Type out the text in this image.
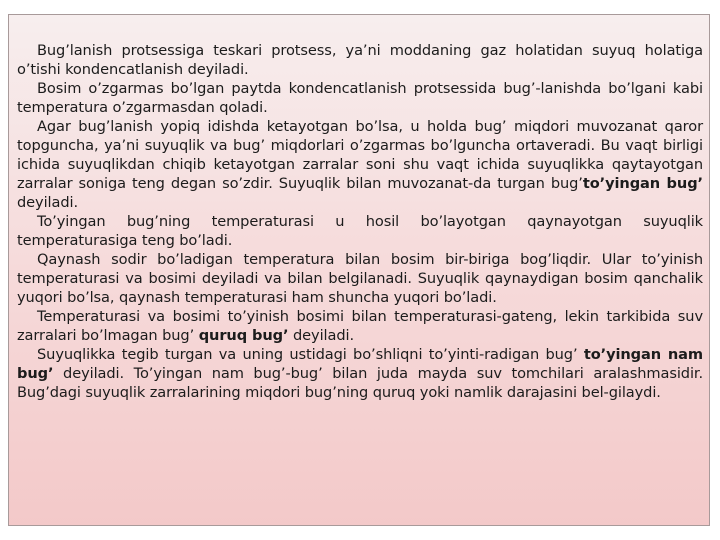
Bug’lanish protsessiga teskari protsess, ya’ni moddaning gaz holatidan suyuq holatiga o’tishi kondencatlanish deyiladi.

Bosim o’zgarmas bo’lgan paytda kondencatlanish protsessida bug’-lanishda bo’lgani kabi temperatura o’zgarmasdan qoladi.

Agar bug’lanish yopiq idishda ketayotgan bo’lsa, u holda bug’ miqdori muvozanat qaror topguncha, ya’ni suyuqlik va bug’ miqdorlari o’zgarmas bo’lguncha ortaveradi. Bu vaqt birligi ichida suyuqlikdan chiqib ketayotgan zarralar soni shu vaqt ichida suyuqlikka qaytayotgan zarralar soniga teng degan so’zdir. Suyuqlik bilan muvozanat-da turgan bug’to’yingan bug’ deyiladi.

To’yingan bug’ning temperaturasi u hosil bo’layotgan qaynayotgan suyuqlik temperaturasiga teng bo’ladi.

Qaynash sodir bo’ladigan temperatura bilan bosim bir-biriga bog’liqdir. Ular to’yinish temperaturasi va bosimi deyiladi va bilan belgilanadi. Suyuqlik qaynaydigan bosim qanchalik yuqori bo’lsa, qaynash temperaturasi ham shuncha yuqori bo’ladi.

Temperaturasi va bosimi to’yinish bosimi bilan temperaturasi-gateng, lekin tarkibida suv zarralari bo’lmagan bug’ quruq bug’ deyiladi.

Suyuqlikka tegib turgan va uning ustidagi bo’shliqni to’yinti-radigan bug’ to’yingan nam bug’ deyiladi. To’yingan nam bug’-bug’ bilan juda mayda suv tomchilari aralashmasidir. Bug’dagi suyuqlik zarralarining miqdori bug’ning quruq yoki namlik darajasini bel-gilaydi.
